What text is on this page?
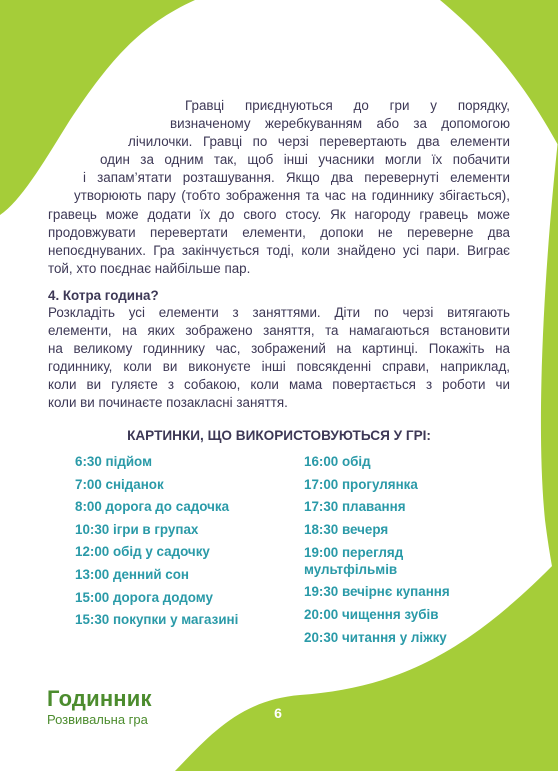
Гравці приєднуються до гри у порядку,
визначеному жеребкуванням або за допомогою
лічилочки. Гравці по черзі перевертають два елементи
один за одним так, щоб інші учасники могли їх побачити
і запам’ятати розташування. Якщо два перевернуті елементи
утворюють пару (тобто зображення та час на годиннику збігається),
гравець може додати їх до свого стосу. Як нагороду гравець може
продовжувати перевертати елементи, допоки не переверне два
непоєднуваних. Гра закінчується тоді, коли знайдено усі пари. Виграє
той, хто поєднає найбільше пар.
4. Котра година?
Розкладіть усі елементи з заняттями. Діти по черзі витягають
елементи, на яких зображено заняття, та намагаються встановити
на великому годиннику час, зображений на картинці. Покажіть на
годиннику, коли ви виконуєте інші повсякденні справи, наприклад,
коли ви гуляєте з собакою, коли мама повертається з роботи чи
коли ви починаєте позакласні заняття.
КАРТИНКИ, ЩО ВИКОРИСТОВУЮТЬСЯ У ГРІ:
6:30 підйом
7:00 сніданок
8:00 дорога до садочка
10:30 ігри в групах
12:00 обід у садочку
13:00 денний сон
15:00 дорога додому
15:30 покупки у магазині
16:00 обід
17:00 прогулянка
17:30 плавання
18:30 вечеря
19:00 перегляд мультфільмів
19:30 вечірнє купання
20:00 чищення зубів
20:30 читання у ліжку
Годинник
Розвивальна гра	6
